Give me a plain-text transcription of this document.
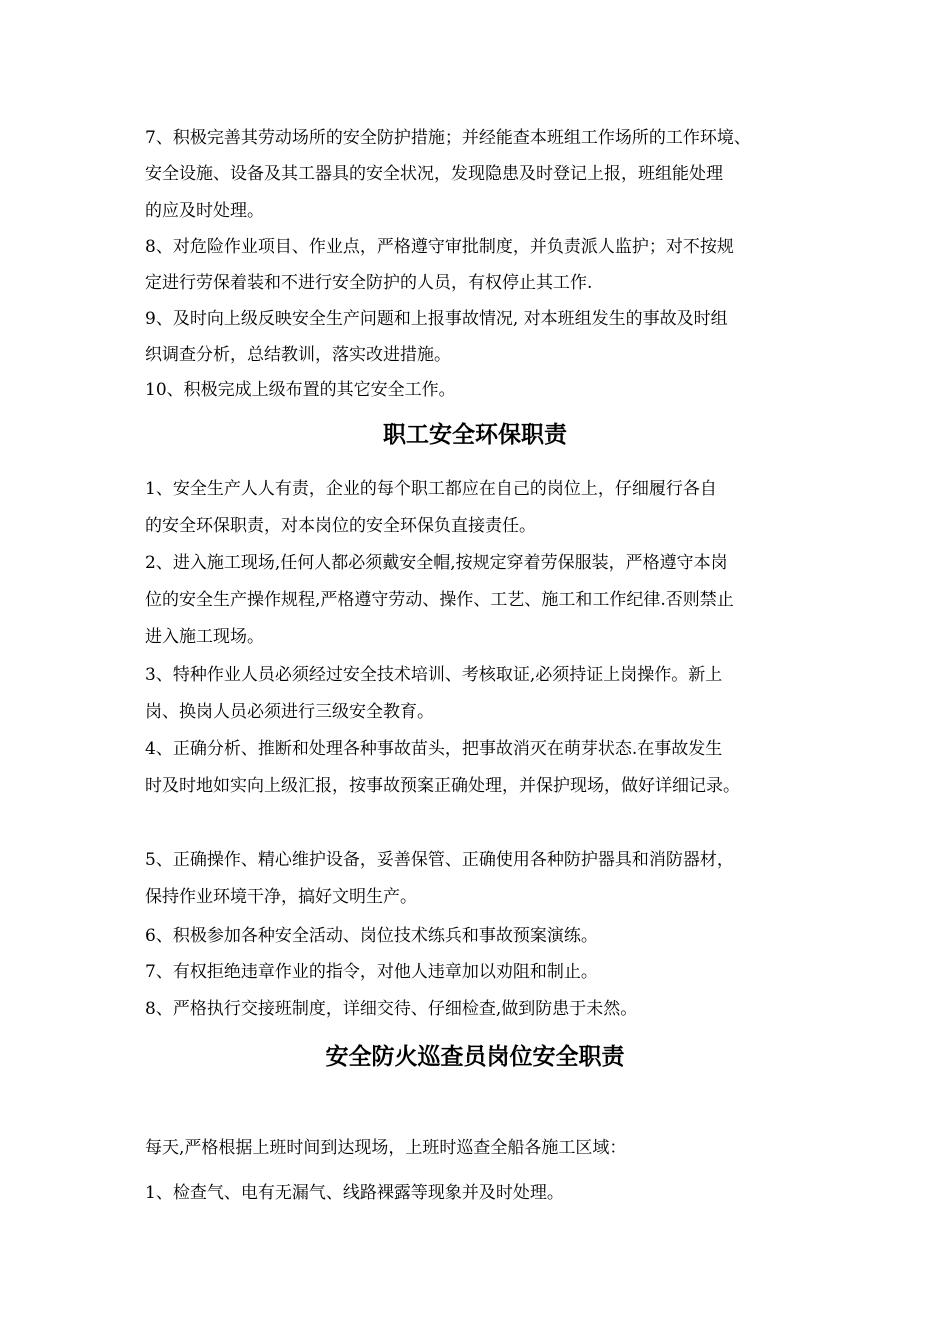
7、积极完善其劳动场所的安全防护措施；并经能查本班组工作场所的工作环境、
安全设施、设备及其工器具的安全状况，发现隐患及时登记上报，班组能处理
的应及时处理。
8、对危险作业项目、作业点，严格遵守审批制度，并负责派人监护；对不按规
定进行劳保着装和不进行安全防护的人员，有权停止其工作.
9、及时向上级反映安全生产问题和上报事故情况, 对本班组发生的事故及时组
织调查分析，总结教训，落实改进措施。
10、积极完成上级布置的其它安全工作。
职工安全环保职责
1、安全生产人人有责，企业的每个职工都应在自己的岗位上，仔细履行各自
的安全环保职责，对本岗位的安全环保负直接责任。
2、进入施工现场,任何人都必须戴安全帽,按规定穿着劳保服装，严格遵守本岗
位的安全生产操作规程,严格遵守劳动、操作、工艺、施工和工作纪律.否则禁止
进入施工现场。
3、特种作业人员必须经过安全技术培训、考核取证,必须持证上岗操作。新上
岗、换岗人员必须进行三级安全教育。
4、正确分析、推断和处理各种事故苗头，把事故消灭在萌芽状态.在事故发生
时及时地如实向上级汇报，按事故预案正确处理，并保护现场，做好详细记录。
5、正确操作、精心维护设备，妥善保管、正确使用各种防护器具和消防器材，
保持作业环境干净，搞好文明生产。
6、积极参加各种安全活动、岗位技术练兵和事故预案演练。
7、有权拒绝违章作业的指令，对他人违章加以劝阻和制止。
8、严格执行交接班制度，详细交待、仔细检查,做到防患于未然。
安全防火巡查员岗位安全职责
每天,严格根据上班时间到达现场，上班时巡查全船各施工区域：
1、检查气、电有无漏气、线路裸露等现象并及时处理。
